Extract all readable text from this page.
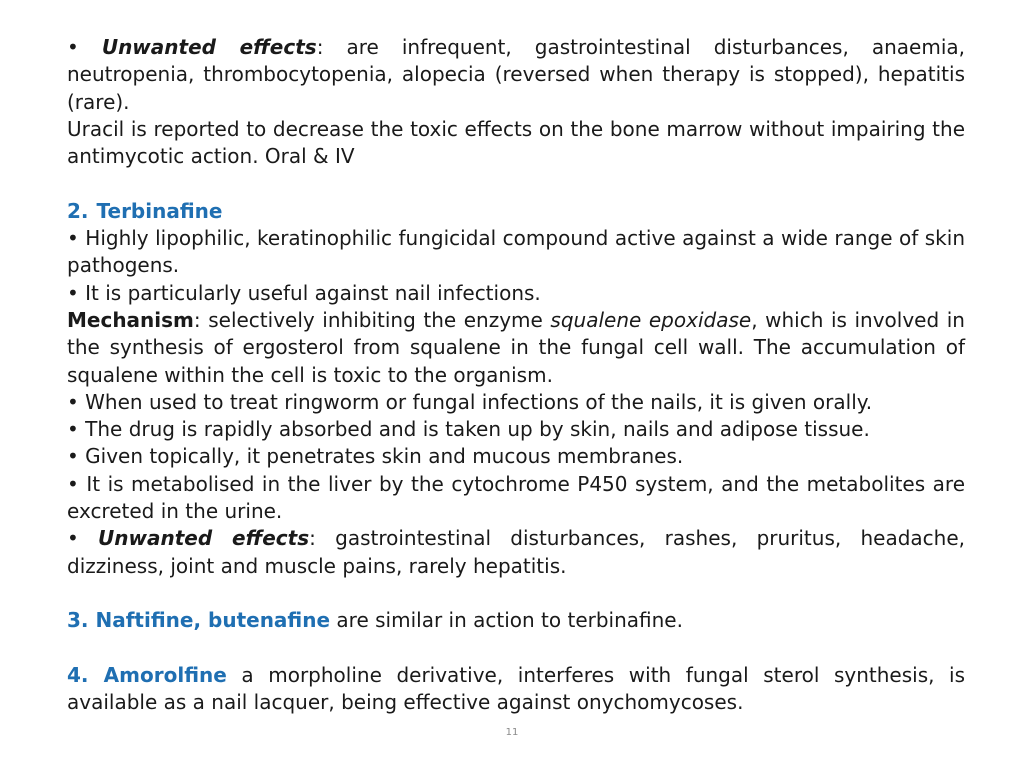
• Unwanted effects: are infrequent, gastrointestinal disturbances, anaemia, neutropenia, thrombocytopenia, alopecia (reversed when therapy is stopped), hepatitis (rare).

Uracil is reported to decrease the toxic effects on the bone marrow without impairing the antimycotic action. Oral & IV

2. Terbinafine

• Highly lipophilic, keratinophilic fungicidal compound active against a wide range of skin pathogens.

• It is particularly useful against nail infections.

Mechanism: selectively inhibiting the enzyme squalene epoxidase, which is involved in the synthesis of ergosterol from squalene in the fungal cell wall. The accumulation of squalene within the cell is toxic to the organism.

• When used to treat ringworm or fungal infections of the nails, it is given orally.

• The drug is rapidly absorbed and is taken up by skin, nails and adipose tissue.

• Given topically, it penetrates skin and mucous membranes.

• It is metabolised in the liver by the cytochrome P450 system, and the metabolites are excreted in the urine.

• Unwanted effects: gastrointestinal disturbances, rashes, pruritus, headache, dizziness, joint and muscle pains, rarely hepatitis.

3. Naftifine, butenafine are similar in action to terbinafine.

4. Amorolfine a morpholine derivative, interferes with fungal sterol synthesis, is available as a nail lacquer, being effective against onychomycoses.

11
